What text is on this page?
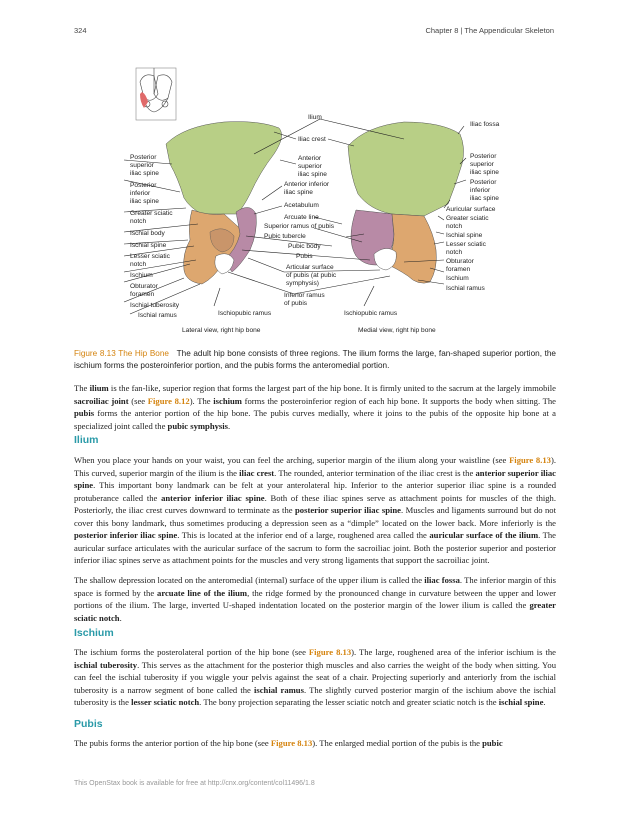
324	Chapter 8 | The Appendicular Skeleton
Ilium
Iliac crest
Iliac fossa
Posterior superior iliac spine
Posterior inferior iliac spine
Greater sciatic notch
Ischial body
Ischial spine
Lesser sciatic notch
Ischium
Obturator foramen
Ischial tuberosity
Ischial ramus
Anterior superior iliac spine
Anterior inferior iliac spine
Acetabulum
Arcuate line
Superior ramus of pubis
Pubic tubercle
Pubic body
Pubis
Articular surface of pubis (at pubic symphysis)
Inferior ramus of pubis
Ischiopubic ramus	Ischiopubic ramus
Posterior superior iliac spine
Posterior inferior iliac spine
Auricular surface
Greater sciatic notch
Ischial spine
Lesser sciatic notch
Obturator foramen
Ischium
Ischial ramus
Lateral view, right hip bone	Medial view, right hip bone
Figure 8.13 The Hip Bone The adult hip bone consists of three regions. The ilium forms the large, fan-shaped superior portion, the ischium forms the posteroinferior portion, and the pubis forms the anteromedial portion.

The ilium is the fan-like, superior region that forms the largest part of the hip bone. It is firmly united to the sacrum at the largely immobile sacroiliac joint (see Figure 8.12). The ischium forms the posteroinferior region of each hip bone. It supports the body when sitting. The pubis forms the anterior portion of the hip bone. The pubis curves medially, where it joins to the pubis of the opposite hip bone at a specialized joint called the pubic symphysis.

Ilium

When you place your hands on your waist, you can feel the arching, superior margin of the ilium along your waistline (see Figure 8.13). This curved, superior margin of the ilium is the iliac crest. The rounded, anterior termination of the iliac crest is the anterior superior iliac spine. This important bony landmark can be felt at your anterolateral hip. Inferior to the anterior superior iliac spine is a rounded protuberance called the anterior inferior iliac spine. Both of these iliac spines serve as attachment points for muscles of the thigh. Posteriorly, the iliac crest curves downward to terminate as the posterior superior iliac spine. Muscles and ligaments surround but do not cover this bony landmark, thus sometimes producing a depression seen as a “dimple” located on the lower back. More inferiorly is the posterior inferior iliac spine. This is located at the inferior end of a large, roughened area called the auricular surface of the ilium. The auricular surface articulates with the auricular surface of the sacrum to form the sacroiliac joint. Both the posterior superior and posterior inferior iliac spines serve as attachment points for the muscles and very strong ligaments that support the sacroiliac joint.

The shallow depression located on the anteromedial (internal) surface of the upper ilium is called the iliac fossa. The inferior margin of this space is formed by the arcuate line of the ilium, the ridge formed by the pronounced change in curvature between the upper and lower portions of the ilium. The large, inverted U-shaped indentation located on the posterior margin of the lower ilium is called the greater sciatic notch.

Ischium

The ischium forms the posterolateral portion of the hip bone (see Figure 8.13). The large, roughened area of the inferior ischium is the ischial tuberosity. This serves as the attachment for the posterior thigh muscles and also carries the weight of the body when sitting. You can feel the ischial tuberosity if you wiggle your pelvis against the seat of a chair. Projecting superiorly and anteriorly from the ischial tuberosity is a narrow segment of bone called the ischial ramus. The slightly curved posterior margin of the ischium above the ischial tuberosity is the lesser sciatic notch. The bony projection separating the lesser sciatic notch and greater sciatic notch is the ischial spine.

Pubis

The pubis forms the anterior portion of the hip bone (see Figure 8.13). The enlarged medial portion of the pubis is the pubic

This OpenStax book is available for free at http://cnx.org/content/col11496/1.8
